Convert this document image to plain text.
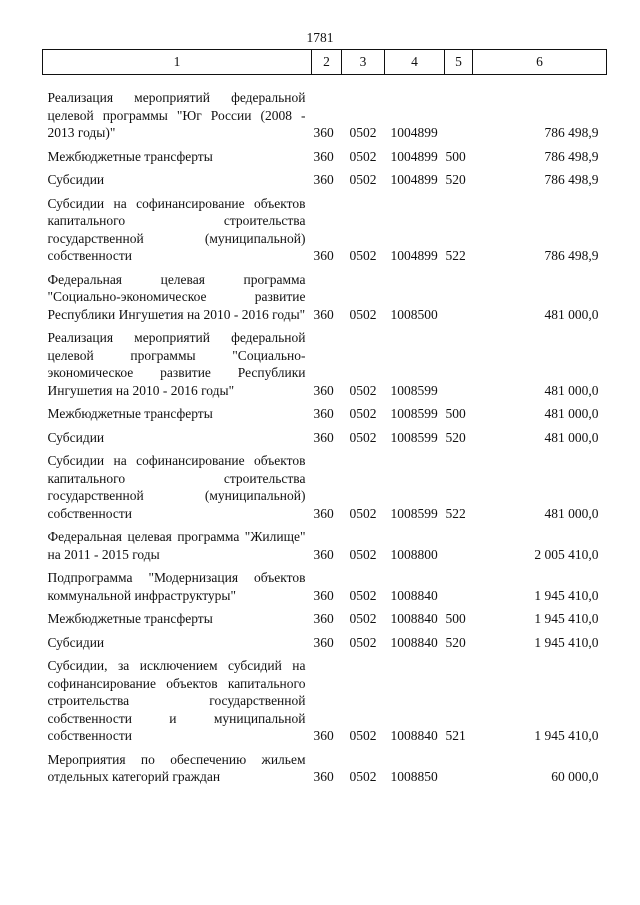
1781
1	2	3	4	5	6
Реализация мероприятий федеральной целевой программы "Юг России (2008 - 2013 годы)"	360	0502	1004899		786 498,9
Межбюджетные трансферты	360	0502	1004899	500	786 498,9
Субсидии	360	0502	1004899	520	786 498,9
Субсидии на софинансирование объектов капитального строительства государственной (муниципальной) собственности	360	0502	1004899	522	786 498,9
Федеральная целевая программа "Социально-экономическое развитие Республики Ингушетия на 2010 - 2016 годы"	360	0502	1008500		481 000,0
Реализация мероприятий федеральной целевой программы "Социально-экономическое развитие Республики Ингушетия на 2010 - 2016 годы"	360	0502	1008599		481 000,0
Межбюджетные трансферты	360	0502	1008599	500	481 000,0
Субсидии	360	0502	1008599	520	481 000,0
Субсидии на софинансирование объектов капитального строительства государственной (муниципальной) собственности	360	0502	1008599	522	481 000,0
Федеральная целевая программа "Жилище" на 2011 - 2015 годы	360	0502	1008800		2 005 410,0
Подпрограмма "Модернизация объектов коммунальной инфраструктуры"	360	0502	1008840		1 945 410,0
Межбюджетные трансферты	360	0502	1008840	500	1 945 410,0
Субсидии	360	0502	1008840	520	1 945 410,0
Субсидии, за исключением субсидий на софинансирование объектов капитального строительства государственной собственности и муниципальной собственности	360	0502	1008840	521	1 945 410,0
Мероприятия по обеспечению жильем отдельных категорий граждан	360	0502	1008850		60 000,0
